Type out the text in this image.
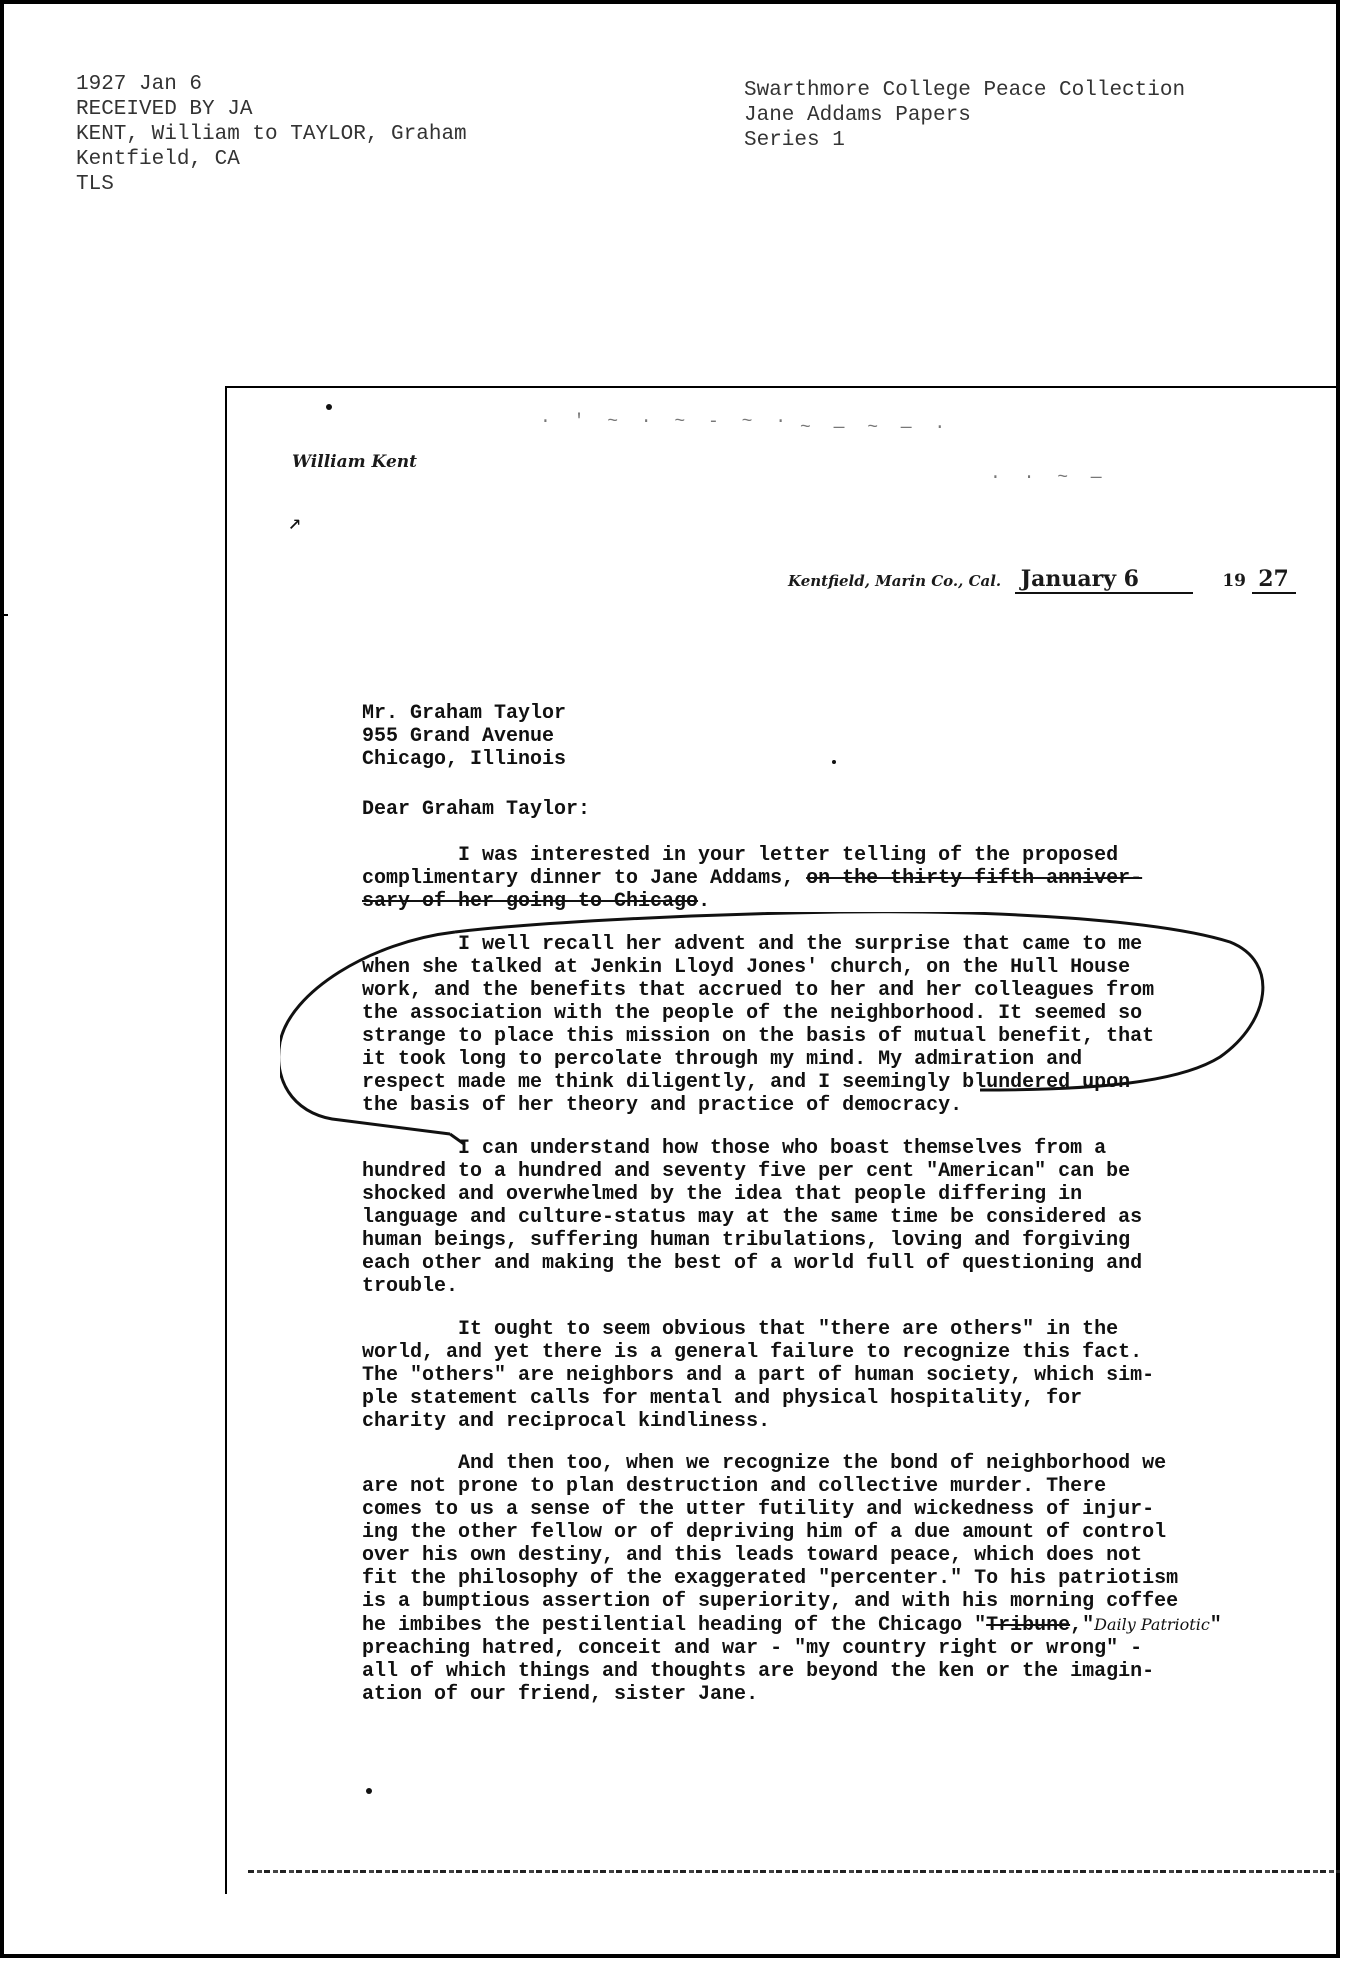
1927 Jan 6
RECEIVED BY JA
KENT, William to TAYLOR, Graham
Kentfield, CA
TLS
Swarthmore College Peace Collection
Jane Addams Papers
Series 1
· ' ~ · ~ - ~ · ~ — ~ — ·
· · ~ —
↗
William Kent
Kentfield, Marin Co., Cal. January 6	19 27
Mr. Graham Taylor
955 Grand Avenue
Chicago, Illinois
Dear Graham Taylor:
I was interested in your letter telling of the proposed
complimentary dinner to Jane Addams, on the thirty fifth anniver-
sary of her going to Chicago.
I well recall her advent and the surprise that came to me
when she talked at Jenkin Lloyd Jones' church, on the Hull House
work, and the benefits that accrued to her and her colleagues from
the association with the people of the neighborhood. It seemed so
strange to place this mission on the basis of mutual benefit, that
it took long to percolate through my mind. My admiration and
respect made me think diligently, and I seemingly blundered upon
the basis of her theory and practice of democracy.
I can understand how those who boast themselves from a
hundred to a hundred and seventy five per cent "American" can be
shocked and overwhelmed by the idea that people differing in
language and culture-status may at the same time be considered as
human beings, suffering human tribulations, loving and forgiving
each other and making the best of a world full of questioning and
trouble.
It ought to seem obvious that "there are others" in the
world, and yet there is a general failure to recognize this fact.
The "others" are neighbors and a part of human society, which sim-
ple statement calls for mental and physical hospitality, for
charity and reciprocal kindliness.
And then too, when we recognize the bond of neighborhood we
are not prone to plan destruction and collective murder. There
comes to us a sense of the utter futility and wickedness of injur-
ing the other fellow or of depriving him of a due amount of control
over his own destiny, and this leads toward peace, which does not
fit the philosophy of the exaggerated "percenter." To his patriotism
is a bumptious assertion of superiority, and with his morning coffee
he imbibes the pestilential heading of the Chicago "Tribune,"Daily Patriotic"
preaching hatred, conceit and war - "my country right or wrong" -
all of which things and thoughts are beyond the ken or the imagin-
ation of our friend, sister Jane.
